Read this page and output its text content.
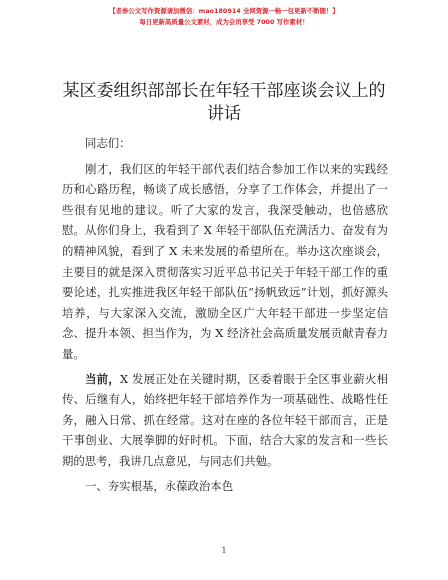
【老参公文写作资源请加微信：mao180914 全网资源一畅一包更新不断随！】
每日更新高质量公文素材，成为会员享受 7000 写作素材！
某区委组织部部长在年轻干部座谈会议上的讲话

同志们：

刚才，我们区的年轻干部代表们结合参加工作以来的实践经历和心路历程，畅谈了成长感悟，分享了工作体会，并提出了一些很有见地的建议。听了大家的发言，我深受触动，也倍感欣慰。从你们身上，我看到了 X 年轻干部队伍充满活力、奋发有为的精神风貌，看到了 X 未来发展的希望所在。举办这次座谈会，主要目的就是深入贯彻落实习近平总书记关于年轻干部工作的重要论述，扎实推进我区年轻干部队伍“扬帆致远”计划，抓好源头培养，与大家深入交流，激励全区广大年轻干部进一步坚定信念、提升本领、担当作为，为 X 经济社会高质量发展贡献青春力量。

当前，X 发展正处在关键时期，区委着眼于全区事业薪火相传、后继有人，始终把年轻干部培养作为一项基础性、战略性任务，融入日常、抓在经常。这对在座的各位年轻干部而言，正是干事创业、大展拳脚的好时机。下面，结合大家的发言和一些长期的思考，我讲几点意见，与同志们共勉。

一、夯实根基，永葆政治本色

1
